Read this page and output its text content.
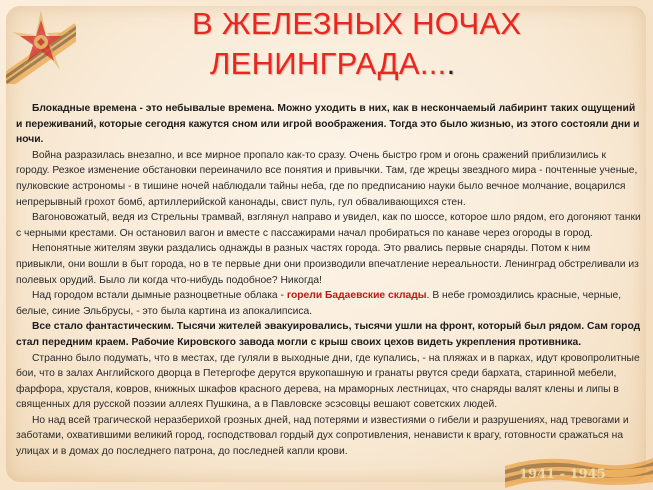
В ЖЕЛЕЗНЫХ НОЧАХ
ЛЕНИНГРАДА....

Блокадные времена - это небывалые времена. Можно уходить в них, как в нескончаемый лабиринт таких ощущений и переживаний, которые сегодня кажутся сном или игрой воображения. Тогда это было жизнью, из этого состояли дни и ночи.

Война разразилась внезапно, и все мирное пропало как-то сразу. Очень быстро гром и огонь сражений приблизились к городу. Резкое изменение обстановки переиначило все понятия и привычки. Там, где жрецы звездного мира - почтенные ученые, пулковские астрономы - в тишине ночей наблюдали тайны неба, где по предписанию науки было вечное молчание, воцарился непрерывный грохот бомб, артиллерийской канонады, свист пуль, гул обваливающихся стен.

Вагоновожатый, ведя из Стрельны трамвай, взглянул направо и увидел, как по шоссе, которое шло рядом, его догоняют танки с черными крестами. Он остановил вагон и вместе с пассажирами начал пробираться по канаве через огороды в город.

Непонятные жителям звуки раздались однажды в разных частях города. Это рвались первые снаряды. Потом к ним привыкли, они вошли в быт города, но в те первые дни они производили впечатление нереальности. Ленинград обстреливали из полевых орудий. Было ли когда что-нибудь подобное? Никогда!

Над городом встали дымные разноцветные облака - горели Бадаевские склады. В небе громоздились красные, черные, белые, синие Эльбрусы, - это была картина из апокалипсиса.

Все стало фантастическим. Тысячи жителей эвакуировались, тысячи ушли на фронт, который был рядом. Сам город стал передним краем. Рабочие Кировского завода могли с крыш своих цехов видеть укрепления противника.

Странно было подумать, что в местах, где гуляли в выходные дни, где купались, - на пляжах и в парках, идут кровопролитные бои, что в залах Английского дворца в Петергофе дерутся врукопашную и гранаты рвутся среди бархата, старинной мебели, фарфора, хрусталя, ковров, книжных шкафов красного дерева, на мраморных лестницах, что снаряды валят клены и липы в священных для русской поэзии аллеях Пушкина, а в Павловске эсэсовцы вешают советских людей.

Но над всей трагической неразберихой грозных дней, над потерями и известиями о гибели и разрушениях, над тревогами и заботами, охватившими великий город, господствовал гордый дух сопротивления, ненависти к врагу, готовности сражаться на улицах и в домах до последнего патрона, до последней капли крови.

1941 - 1945
